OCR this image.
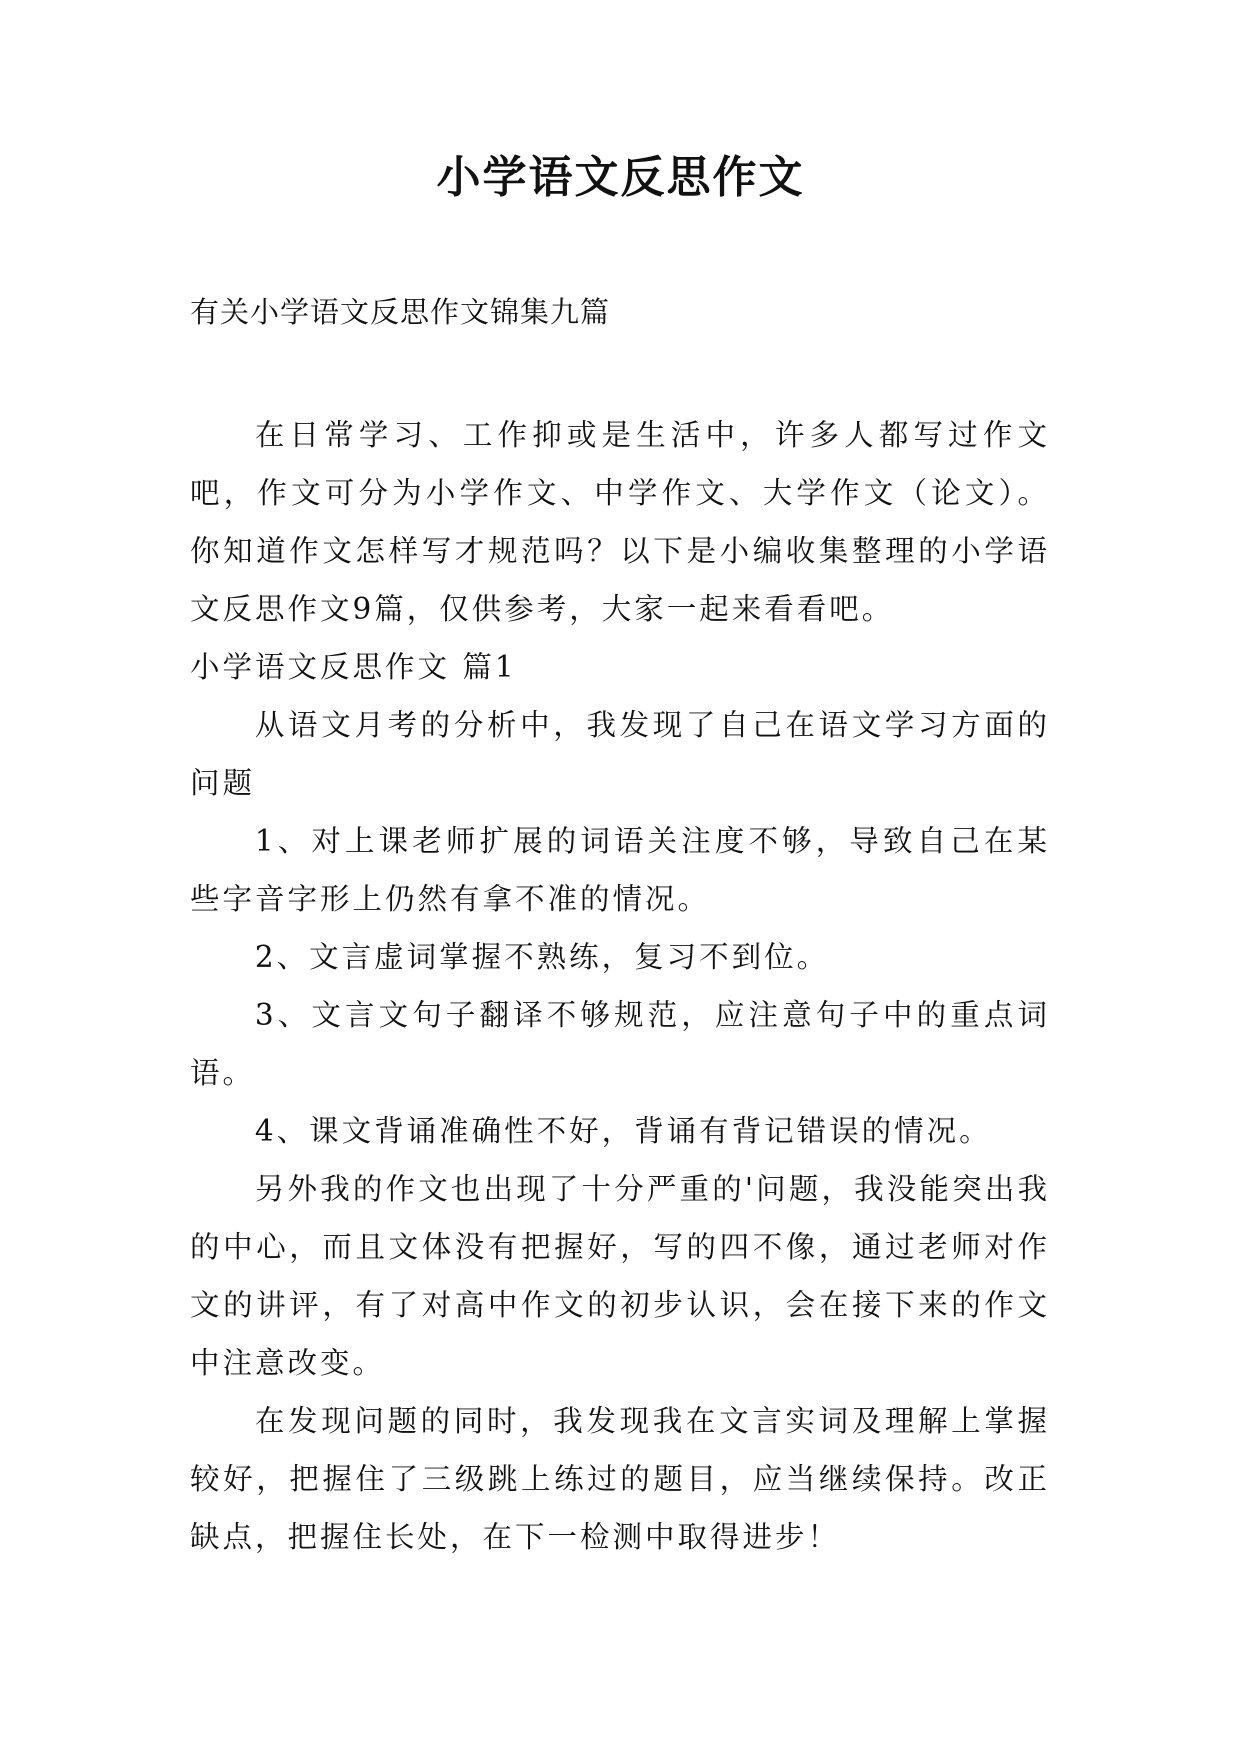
小学语文反思作文
有关小学语文反思作文锦集九篇

在日常学习、工作抑或是生活中，许多人都写过作文吧，作文可分为小学作文、中学作文、大学作文（论文）。你知道作文怎样写才规范吗？以下是小编收集整理的小学语文反思作文9篇，仅供参考，大家一起来看看吧。

小学语文反思作文 篇1

从语文月考的分析中，我发现了自己在语文学习方面的问题

1、对上课老师扩展的词语关注度不够，导致自己在某些字音字形上仍然有拿不准的情况。

2、文言虚词掌握不熟练，复习不到位。

3、文言文句子翻译不够规范，应注意句子中的重点词语。

4、课文背诵准确性不好，背诵有背记错误的情况。

另外我的作文也出现了十分严重的'问题，我没能突出我的中心，而且文体没有把握好，写的四不像，通过老师对作文的讲评，有了对高中作文的初步认识，会在接下来的作文中注意改变。

在发现问题的同时，我发现我在文言实词及理解上掌握较好，把握住了三级跳上练过的题目，应当继续保持。改正缺点，把握住长处，在下一检测中取得进步！
